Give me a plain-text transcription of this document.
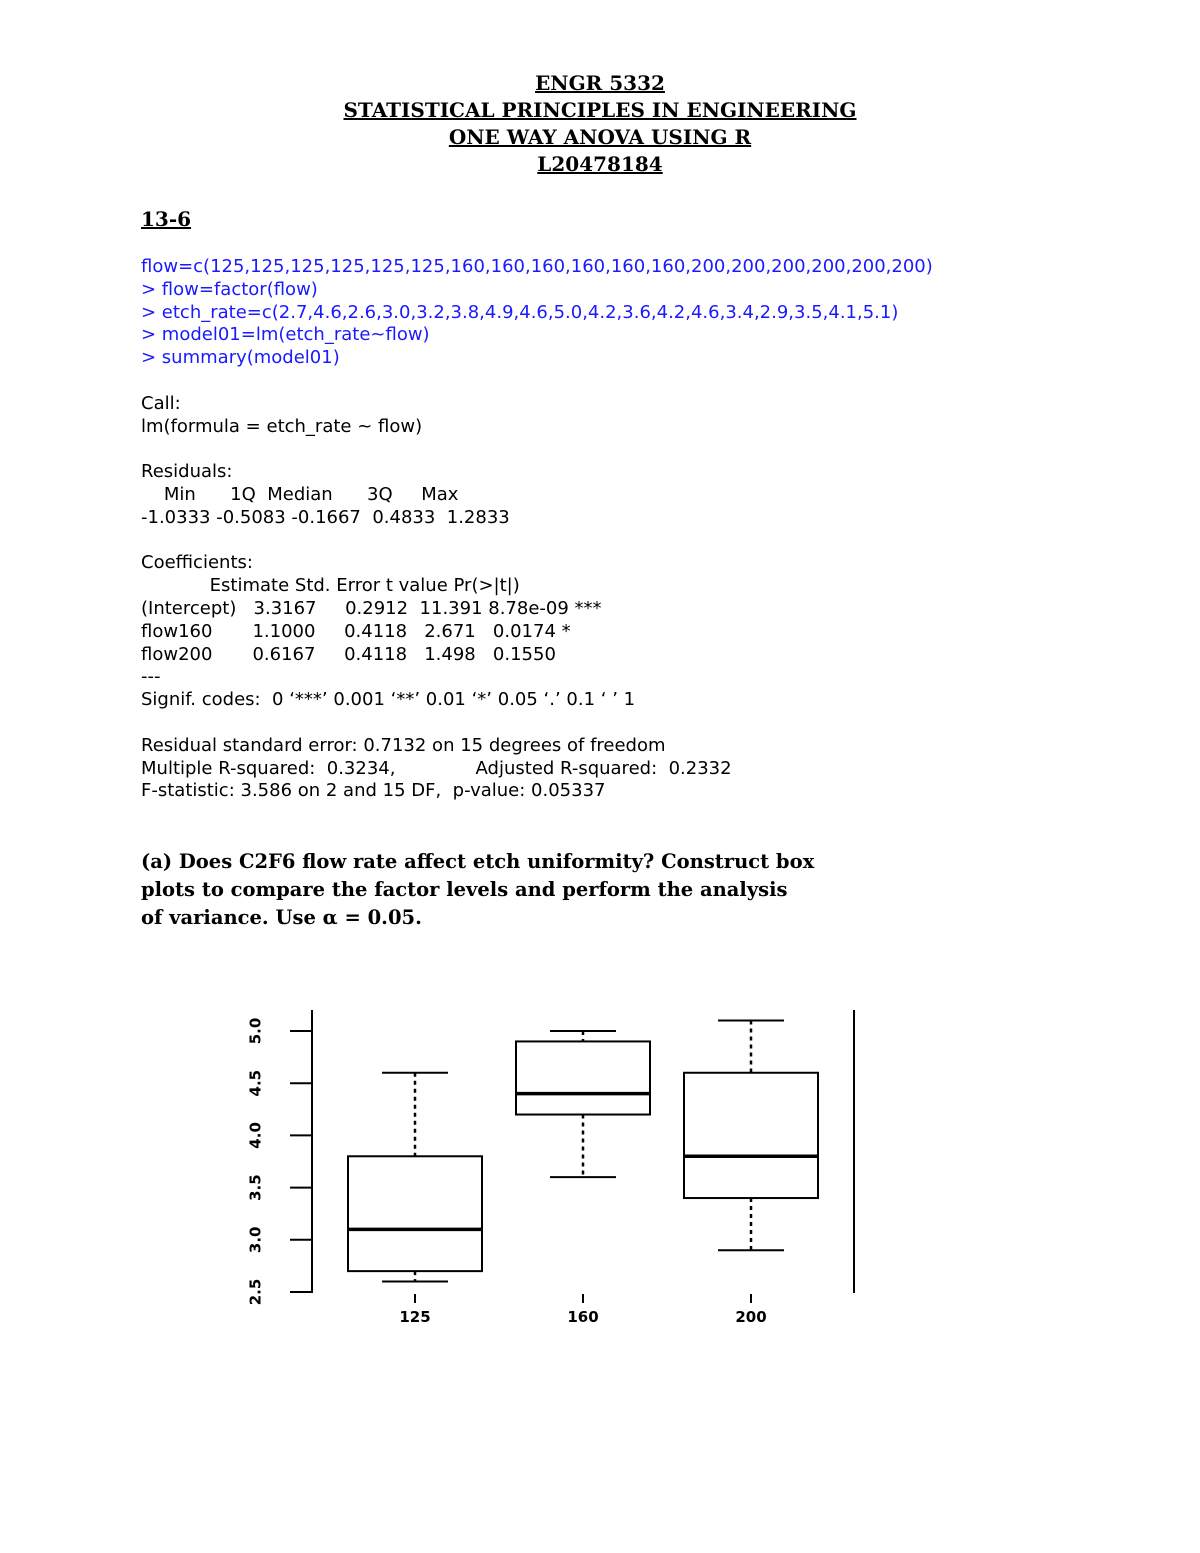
ENGR 5332
STATISTICAL PRINCIPLES IN ENGINEERING
ONE WAY ANOVA USING R
L20478184
13-6
flow=c(125,125,125,125,125,125,160,160,160,160,160,160,200,200,200,200,200,200)
> flow=factor(flow)
> etch_rate=c(2.7,4.6,2.6,3.0,3.2,3.8,4.9,4.6,5.0,4.2,3.6,4.2,4.6,3.4,2.9,3.5,4.1,5.1)
> model01=lm(etch_rate~flow)
> summary(model01)
Call:
lm(formula = etch_rate ~ flow)
Residuals:
Min      1Q  Median      3Q     Max
-1.0333 -0.5083 -0.1667  0.4833  1.2833
Coefficients:
Estimate Std. Error t value Pr(>|t|)
(Intercept)   3.3167     0.2912  11.391 8.78e-09 ***
flow160       1.1000     0.4118   2.671   0.0174 *
flow200       0.6167     0.4118   1.498   0.1550
---
Signif. codes:  0 ‘***’ 0.001 ‘**’ 0.01 ‘*’ 0.05 ‘.’ 0.1 ‘ ’ 1
Residual standard error: 0.7132 on 15 degrees of freedom
Multiple R-squared:  0.3234,              Adjusted R-squared:  0.2332
F-statistic: 3.586 on 2 and 15 DF,  p-value: 0.05337
(a) Does C2F6 flow rate affect etch uniformity? Construct box
plots to compare the factor levels and perform the analysis
of variance. Use α = 0.05.
2.5
3.0
3.5
4.0
4.5
5.0
125	160	200
